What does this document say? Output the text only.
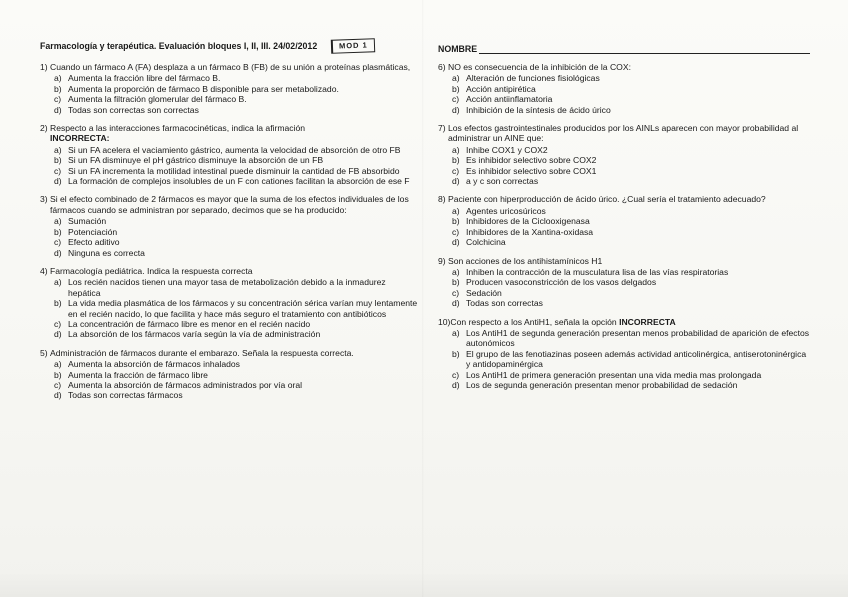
Farmacología y terapéutica. Evaluación bloques I, II, III. 24/02/2012	MOD 1
1) Cuando un fármaco A (FA) desplaza a un fármaco B (FB) de su unión a proteínas plasmáticas,
a) Aumenta la fracción libre del fármaco B.
b) Aumenta la proporción de fármaco B disponible para ser metabolizado.
c) Aumenta la filtración glomerular del fármaco B.
d) Todas son correctas son correctas
2) Respecto a las interacciones farmacocinéticas, indica la afirmación
INCORRECTA:
a) Si un FA acelera el vaciamiento gástrico, aumenta la velocidad de absorción de otro FB
b) Si un FA disminuye el pH gástrico disminuye la absorción de un FB
c) Si un FA incrementa la motilidad intestinal puede disminuir la cantidad de FB absorbido
d) La formación de complejos insolubles de un F con cationes facilitan la absorción de ese F
3) Si el efecto combinado de 2 fármacos es mayor que la suma de los efectos individuales de los fármacos cuando se administran por separado, decimos que se ha producido:
a) Sumación
b) Potenciación
c) Efecto aditivo
d) Ninguna es correcta
4) Farmacología pediátrica. Indica la respuesta correcta
a) Los recién nacidos tienen una mayor tasa de metabolización debido a la inmadurez hepática
b) La vida media plasmática de los fármacos y su concentración sérica varían muy lentamente en el recién nacido, lo que facilita y hace más seguro el tratamiento con antibióticos
c) La concentración de fármaco libre es menor en el recién nacido
d) La absorción de los fármacos varía según la vía de administración
5) Administración de fármacos durante el embarazo. Señala la respuesta correcta.
a) Aumenta la absorción de fármacos inhalados
b) Aumenta la fracción de fármaco libre
c) Aumenta la absorción de fármacos administrados por vía oral
d) Todas son correctas fármacos
NOMBRE
6) NO es consecuencia de la inhibición de la COX:
a) Alteración de funciones fisiológicas
b) Acción antipirética
c) Acción antiinflamatoria
d) Inhibición de la síntesis de ácido úrico
7) Los efectos gastrointestinales producidos por los AINLs aparecen con mayor probabilidad al administrar un AINE que:
a) Inhibe COX1 y COX2
b) Es inhibidor selectivo sobre COX2
c) Es inhibidor selectivo sobre COX1
d) a y c son correctas
8) Paciente con hiperproducción de ácido úrico. ¿Cual sería el tratamiento adecuado?
a) Agentes uricosúricos
b) Inhibidores de la Ciclooxigenasa
c) Inhibidores de la Xantina-oxidasa
d) Colchicina
9) Son acciones de los antihistamínicos H1
a) Inhiben la contracción de la musculatura lisa de las vías respiratorias
b) Producen vasoconstricción de los vasos delgados
c) Sedación
d) Todas son correctas
10)Con respecto a los AntiH1, señala la opción INCORRECTA
a) Los AntiH1 de segunda generación presentan menos probabilidad de aparición de efectos autonómicos
b) El grupo de las fenotiazinas poseen además actividad anticolinérgica, antiserotoninérgica y antidopaminérgica
c) Los AntiH1 de primera generación presentan una vida media mas prolongada
d) Los de segunda generación presentan menor probabilidad de sedación
